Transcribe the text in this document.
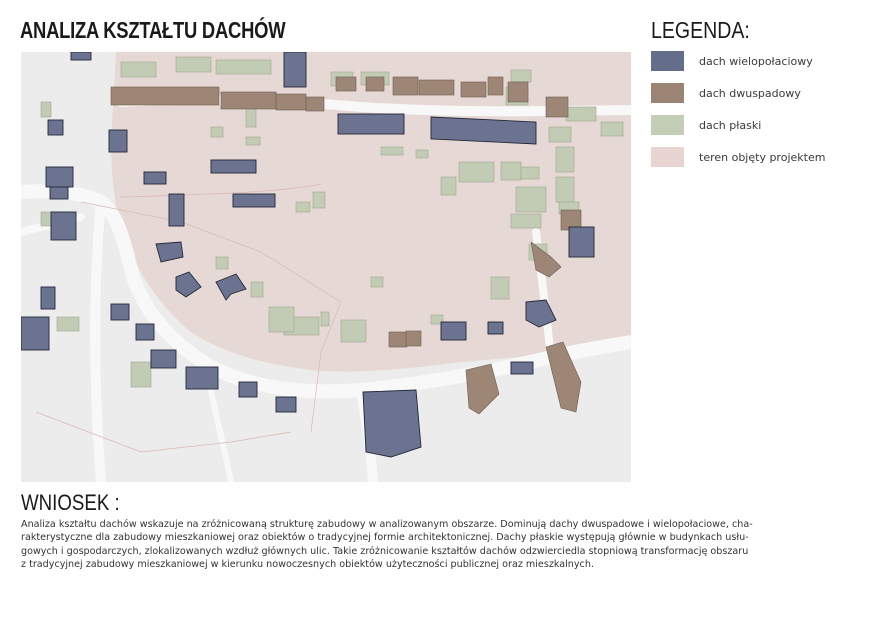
ANALIZA KSZTAŁTU DACHÓW
N
LEGENDA:
dach wielopołaciowy
dach dwuspadowy
dach płaski
teren objęty projektem
WNIOSEK :
Analiza kształtu dachów wskazuje na zróżnicowaną strukturę zabudowy w analizowanym obszarze. Dominują dachy dwuspadowe i wielopołaciowe, cha-
rakterystyczne dla zabudowy mieszkaniowej oraz obiektów o tradycyjnej formie architektonicznej. Dachy płaskie występują głównie w budynkach usłu-
gowych i gospodarczych, zlokalizowanych wzdłuż głównych ulic. Takie zróżnicowanie kształtów dachów odzwierciedla stopniową transformację obszaru
z tradycyjnej zabudowy mieszkaniowej w kierunku nowoczesnych obiektów użyteczności publicznej oraz mieszkalnych.
